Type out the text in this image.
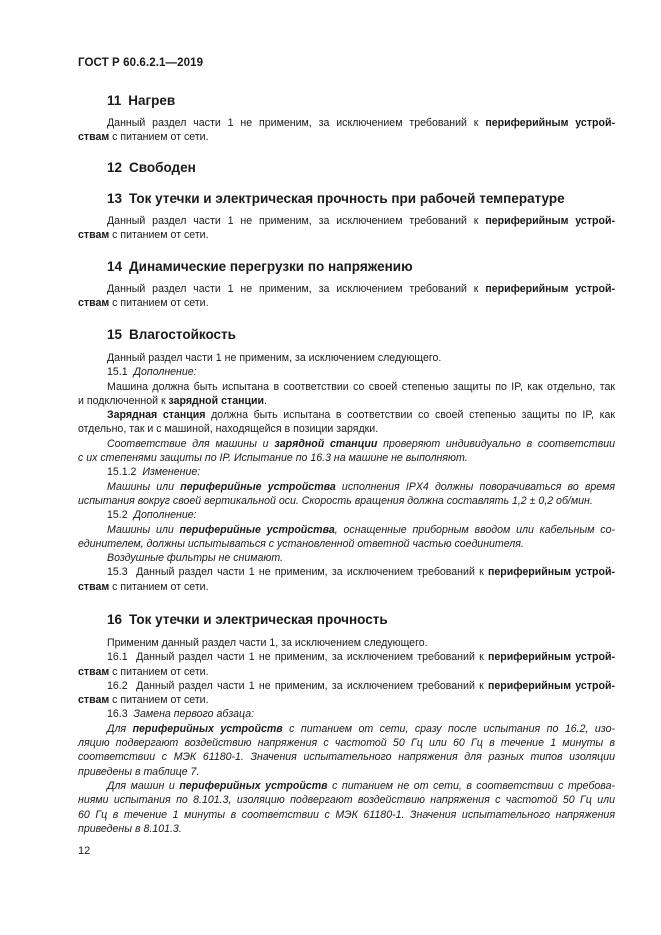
ГОСТ Р 60.6.2.1—2019
11 Нагрев
Данный раздел части 1 не применим, за исключением требований к периферийным устрой-
ствам с питанием от сети.
12 Свободен
13 Ток утечки и электрическая прочность при рабочей температуре
Данный раздел части 1 не применим, за исключением требований к периферийным устрой-
ствам с питанием от сети.
14 Динамические перегрузки по напряжению
Данный раздел части 1 не применим, за исключением требований к периферийным устрой-
ствам с питанием от сети.
15 Влагостойкость
Данный раздел части 1 не применим, за исключением следующего.
15.1 Дополнение:
Машина должна быть испытана в соответствии со своей степенью защиты по IP, как отдельно, так
и подключенной к зарядной станции.
Зарядная станция должна быть испытана в соответствии со своей степенью защиты по IP, как
отдельно, так и с машиной, находящейся в позиции зарядки.
Соответствие для машины и зарядной станции проверяют индивидуально в соответствии
с их степенями защиты по IP. Испытание по 16.3 на машине не выполняют.
15.1.2 Изменение:
Машины или периферийные устройства исполнения IPX4 должны поворачиваться во время
испытания вокруг своей вертикальной оси. Скорость вращения должна составлять 1,2 ± 0,2 об/мин.
15.2 Дополнение:
Машины или периферийные устройства, оснащенные приборным вводом или кабельным со-
единителем, должны испытываться с установленной ответной частью соединителя.
Воздушные фильтры не снимают.
15.3 Данный раздел части 1 не применим, за исключением требований к периферийным устрой-
ствам с питанием от сети.
16 Ток утечки и электрическая прочность
Применим данный раздел части 1, за исключением следующего.
16.1 Данный раздел части 1 не применим, за исключением требований к периферийным устрой-
ствам с питанием от сети.
16.2 Данный раздел части 1 не применим, за исключением требований к периферийным устрой-
ствам с питанием от сети.
16.3 Замена первого абзаца:
Для периферийных устройств с питанием от сети, сразу после испытания по 16.2, изо-
ляцию подвергают воздействию напряжения с частотой 50 Гц или 60 Гц в течение 1 минуты в
соответствии с МЭК 61180-1. Значения испытательного напряжения для разных типов изоляции
приведены в таблице 7.
Для машин и периферийных устройств с питанием не от сети, в соответствии с требова-
ниями испытания по 8.101.3, изоляцию подвергают воздействию напряжения с частотой 50 Гц или
60 Гц в течение 1 минуты в соответствии с МЭК 61180-1. Значения испытательного напряжения
приведены в 8.101.3.
12
